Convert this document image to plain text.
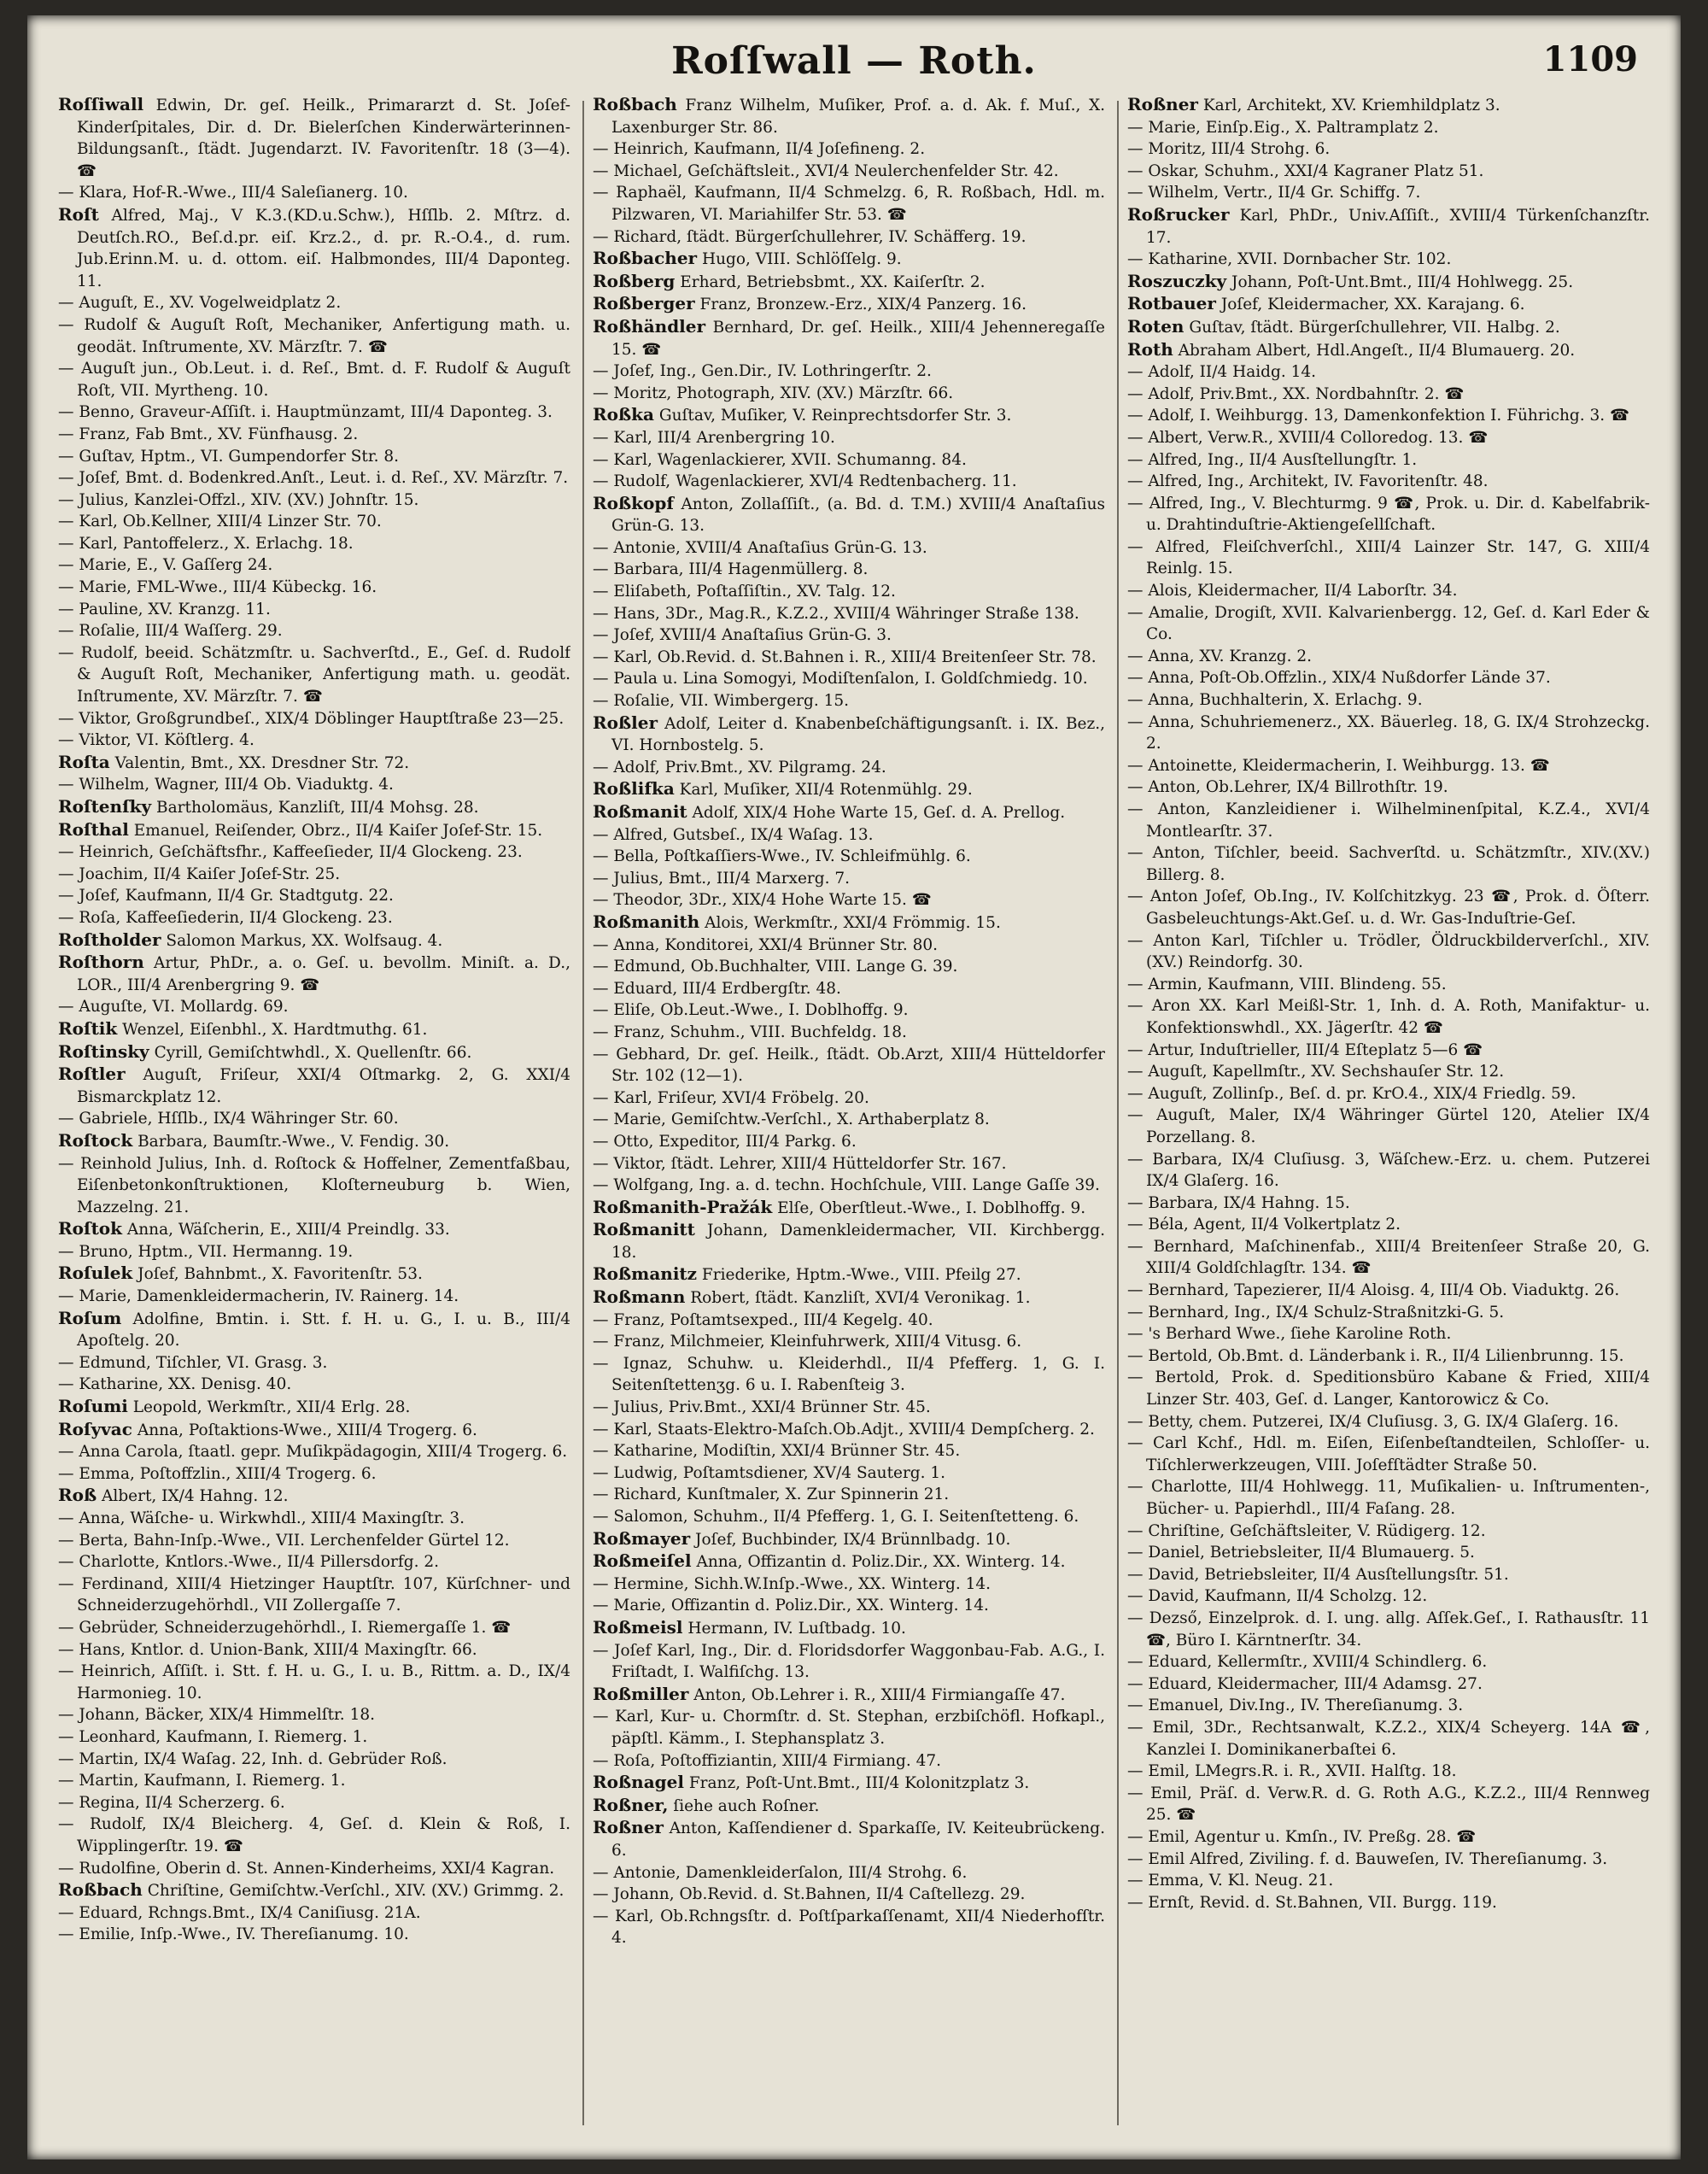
Roſſwall — Roth.	1109

Roſſiwall Edwin, Dr. geſ. Heilk., Primararzt d. St. Joſef-Kinderſpitales, Dir. d. Dr. Bielerſchen Kinderwärterinnen-Bildungsanſt., ſtädt. Jugendarzt. IV. Favoritenſtr. 18 (3—4). ☎

— Klara, Hof-R.-Wwe., III/4 Saleſianerg. 10.

Roſt Alfred, Maj., V K.3.(KD.u.Schw.), Hſſlb. 2. Mſtrz. d. Deutſch.RO., Beſ.d.pr. eiſ. Krz.2., d. pr. R.-O.4., d. rum. Jub.Erinn.M. u. d. ottom. eiſ. Halbmondes, III/4 Daponteg. 11.

— Auguſt, E., XV. Vogelweidplatz 2.

— Rudolf & Auguſt Roſt, Mechaniker, Anfertigung math. u. geodät. Inſtrumente, XV. Märzſtr. 7. ☎

— Auguſt jun., Ob.Leut. i. d. Reſ., Bmt. d. F. Rudolf & Auguſt Roſt, VII. Myrtheng. 10.

— Benno, Graveur-Aſſiſt. i. Hauptmünzamt, III/4 Daponteg. 3.

— Franz, Fab Bmt., XV. Fünfhausg. 2.

— Guſtav, Hptm., VI. Gumpendorfer Str. 8.

— Joſef, Bmt. d. Bodenkred.Anſt., Leut. i. d. Reſ., XV. Märzſtr. 7.

— Julius, Kanzlei-Offzl., XIV. (XV.) Johnſtr. 15.

— Karl, Ob.Kellner, XIII/4 Linzer Str. 70.

— Karl, Pantoffelerz., X. Erlachg. 18.

— Marie, E., V. Gaſſerg 24.

— Marie, FML-Wwe., III/4 Kübeckg. 16.

— Pauline, XV. Kranzg. 11.

— Roſalie, III/4 Waſſerg. 29.

— Rudolf, beeid. Schätzmſtr. u. Sachverſtd., E., Geſ. d. Rudolf & Auguſt Roſt, Mechaniker, Anfertigung math. u. geodät. Inſtrumente, XV. Märzſtr. 7. ☎

— Viktor, Großgrundbeſ., XIX/4 Döblinger Hauptſtraße 23—25.

— Viktor, VI. Köſtlerg. 4.

Roſta Valentin, Bmt., XX. Dresdner Str. 72.

— Wilhelm, Wagner, III/4 Ob. Viaduktg. 4.

Roſtenſky Bartholomäus, Kanzliſt, III/4 Mohsg. 28.

Roſthal Emanuel, Reiſender, Obrz., II/4 Kaiſer Joſef-Str. 15.

— Heinrich, Geſchäftsfhr., Kaffeeſieder, II/4 Glockeng. 23.

— Joachim, II/4 Kaiſer Joſef-Str. 25.

— Joſef, Kaufmann, II/4 Gr. Stadtgutg. 22.

— Roſa, Kaffeeſiederin, II/4 Glockeng. 23.

Roſtholder Salomon Markus, XX. Wolfsaug. 4.

Roſthorn Artur, PhDr., a. o. Geſ. u. bevollm. Miniſt. a. D., LOR., III/4 Arenbergring 9. ☎

— Auguſte, VI. Mollardg. 69.

Roſtik Wenzel, Eiſenbhl., X. Hardtmuthg. 61.

Roſtinsky Cyrill, Gemiſchtwhdl., X. Quellenſtr. 66.

Roſtler Auguſt, Friſeur, XXI/4 Oſtmarkg. 2, G. XXI/4 Bismarckplatz 12.

— Gabriele, Hſſlb., IX/4 Währinger Str. 60.

Roſtock Barbara, Baumſtr.-Wwe., V. Fendig. 30.

— Reinhold Julius, Inh. d. Roſtock & Hoffelner, Zementfaßbau, Eiſenbetonkonſtruktionen, Kloſterneuburg b. Wien, Mazzelng. 21.

Roſtok Anna, Wäſcherin, E., XIII/4 Preindlg. 33.

— Bruno, Hptm., VII. Hermanng. 19.

Roſulek Joſef, Bahnbmt., X. Favoritenſtr. 53.

— Marie, Damenkleidermacherin, IV. Rainerg. 14.

Roſum Adolfine, Bmtin. i. Stt. f. H. u. G., I. u. B., III/4 Apoſtelg. 20.

— Edmund, Tiſchler, VI. Grasg. 3.

— Katharine, XX. Denisg. 40.

Roſumi Leopold, Werkmſtr., XII/4 Erlg. 28.

Roſyvac Anna, Poſtaktions-Wwe., XIII/4 Trogerg. 6.

— Anna Carola, ſtaatl. gepr. Muſikpädagogin, XIII/4 Trogerg. 6.

— Emma, Poſtoffzlin., XIII/4 Trogerg. 6.

Roß Albert, IX/4 Hahng. 12.

— Anna, Wäſche- u. Wirkwhdl., XIII/4 Maxingſtr. 3.

— Berta, Bahn-Inſp.-Wwe., VII. Lerchenfelder Gürtel 12.

— Charlotte, Kntlors.-Wwe., II/4 Pillersdorfg. 2.

— Ferdinand, XIII/4 Hietzinger Hauptſtr. 107, Kürſchner- und Schneiderzugehörhdl., VII Zollergaſſe 7.

— Gebrüder, Schneiderzugehörhdl., I. Riemergaſſe 1. ☎

— Hans, Kntlor. d. Union-Bank, XIII/4 Maxingſtr. 66.

— Heinrich, Aſſiſt. i. Stt. f. H. u. G., I. u. B., Rittm. a. D., IX/4 Harmonieg. 10.

— Johann, Bäcker, XIX/4 Himmelſtr. 18.

— Leonhard, Kaufmann, I. Riemerg. 1.

— Martin, IX/4 Waſag. 22, Inh. d. Gebrüder Roß.

— Martin, Kaufmann, I. Riemerg. 1.

— Regina, II/4 Scherzerg. 6.

— Rudolf, IX/4 Bleicherg. 4, Geſ. d. Klein & Roß, I. Wipplingerſtr. 19. ☎

— Rudolfine, Oberin d. St. Annen-Kinderheims, XXI/4 Kagran.

Roßbach Chriſtine, Gemiſchtw.-Verſchl., XIV. (XV.) Grimmg. 2.

— Eduard, Rchngs.Bmt., IX/4 Caniſiusg. 21A.

— Emilie, Inſp.-Wwe., IV. Thereſianumg. 10.

Roßbach Franz Wilhelm, Muſiker, Prof. a. d. Ak. f. Muſ., X. Laxenburger Str. 86.

— Heinrich, Kaufmann, II/4 Joſefineng. 2.

— Michael, Geſchäftsleit., XVI/4 Neulerchenfelder Str. 42.

— Raphaël, Kaufmann, II/4 Schmelzg. 6, R. Roßbach, Hdl. m. Pilzwaren, VI. Mariahilfer Str. 53. ☎

— Richard, ſtädt. Bürgerſchullehrer, IV. Schäfferg. 19.

Roßbacher Hugo, VIII. Schlöſſelg. 9.

Roßberg Erhard, Betriebsbmt., XX. Kaiſerſtr. 2.

Roßberger Franz, Bronzew.-Erz., XIX/4 Panzerg. 16.

Roßhändler Bernhard, Dr. geſ. Heilk., XIII/4 Jehenneregaſſe 15. ☎

— Joſef, Ing., Gen.Dir., IV. Lothringerſtr. 2.

— Moritz, Photograph, XIV. (XV.) Märzſtr. 66.

Roßka Guſtav, Muſiker, V. Reinprechtsdorfer Str. 3.

— Karl, III/4 Arenbergring 10.

— Karl, Wagenlackierer, XVII. Schumanng. 84.

— Rudolf, Wagenlackierer, XVI/4 Redtenbacherg. 11.

Roßkopf Anton, Zollaſſiſt., (a. Bd. d. T.M.) XVIII/4 Anaſtaſius Grün-G. 13.

— Antonie, XVIII/4 Anaſtaſius Grün-G. 13.

— Barbara, III/4 Hagenmüllerg. 8.

— Eliſabeth, Poſtaſſiſtin., XV. Talg. 12.

— Hans, 3Dr., Mag.R., K.Z.2., XVIII/4 Währinger Straße 138.

— Joſef, XVIII/4 Anaſtaſius Grün-G. 3.

— Karl, Ob.Revid. d. St.Bahnen i. R., XIII/4 Breitenſeer Str. 78.

— Paula u. Lina Somogyi, Modiſtenſalon, I. Goldſchmiedg. 10.

— Roſalie, VII. Wimbergerg. 15.

Roßler Adolf, Leiter d. Knabenbeſchäftigungsanſt. i. IX. Bez., VI. Hornbostelg. 5.

— Adolf, Priv.Bmt., XV. Pilgramg. 24.

Roßlifka Karl, Muſiker, XII/4 Rotenmühlg. 29.

Roßmanit Adolf, XIX/4 Hohe Warte 15, Geſ. d. A. Prellog.

— Alfred, Gutsbeſ., IX/4 Waſag. 13.

— Bella, Poſtkaſſiers-Wwe., IV. Schleifmühlg. 6.

— Julius, Bmt., III/4 Marxerg. 7.

— Theodor, 3Dr., XIX/4 Hohe Warte 15. ☎

Roßmanith Alois, Werkmſtr., XXI/4 Frömmig. 15.

— Anna, Konditorei, XXI/4 Brünner Str. 80.

— Edmund, Ob.Buchhalter, VIII. Lange G. 39.

— Eduard, III/4 Erdbergſtr. 48.

— Eliſe, Ob.Leut.-Wwe., I. Doblhoffg. 9.

— Franz, Schuhm., VIII. Buchfeldg. 18.

— Gebhard, Dr. geſ. Heilk., ſtädt. Ob.Arzt, XIII/4 Hütteldorfer Str. 102 (12—1).

— Karl, Friſeur, XVI/4 Fröbelg. 20.

— Marie, Gemiſchtw.-Verſchl., X. Arthaberplatz 8.

— Otto, Expeditor, III/4 Parkg. 6.

— Viktor, ſtädt. Lehrer, XIII/4 Hütteldorfer Str. 167.

— Wolfgang, Ing. a. d. techn. Hochſchule, VIII. Lange Gaſſe 39.

Roßmanith-Pražák Elſe, Oberſtleut.-Wwe., I. Doblhoffg. 9.

Roßmanitt Johann, Damenkleidermacher, VII. Kirchbergg. 18.

Roßmanitz Friederike, Hptm.-Wwe., VIII. Pfeilg 27.

Roßmann Robert, ſtädt. Kanzliſt, XVI/4 Veronikag. 1.

— Franz, Poſtamtsexped., III/4 Kegelg. 40.

— Franz, Milchmeier, Kleinfuhrwerk, XIII/4 Vitusg. 6.

— Ignaz, Schuhw. u. Kleiderhdl., II/4 Pfefferg. 1, G. I. Seitenſtettenʒg. 6 u. I. Rabenſteig 3.

— Julius, Priv.Bmt., XXI/4 Brünner Str. 45.

— Karl, Staats-Elektro-Maſch.Ob.Adjt., XVIII/4 Dempſcherg. 2.

— Katharine, Modiſtin, XXI/4 Brünner Str. 45.

— Ludwig, Poſtamtsdiener, XV/4 Sauterg. 1.

— Richard, Kunſtmaler, X. Zur Spinnerin 21.

— Salomon, Schuhm., II/4 Pfefferg. 1, G. I. Seitenſtetteng. 6.

Roßmayer Joſef, Buchbinder, IX/4 Brünnlbadg. 10.

Roßmeiſel Anna, Offizantin d. Poliz.Dir., XX. Winterg. 14.

— Hermine, Sichh.W.Inſp.-Wwe., XX. Winterg. 14.

— Marie, Offizantin d. Poliz.Dir., XX. Winterg. 14.

Roßmeisl Hermann, IV. Luſtbadg. 10.

— Joſef Karl, Ing., Dir. d. Floridsdorfer Waggonbau-Fab. A.G., I. Friſtadt, I. Walfiſchg. 13.

Roßmiller Anton, Ob.Lehrer i. R., XIII/4 Firmiangaſſe 47.

— Karl, Kur- u. Chormſtr. d. St. Stephan, erzbiſchöfl. Hofkapl., päpſtl. Kämm., I. Stephansplatz 3.

— Roſa, Poſtoffiziantin, XIII/4 Firmiang. 47.

Roßnagel Franz, Poſt-Unt.Bmt., III/4 Kolonitzplatz 3.

Roßner, ſiehe auch Roſner.

Roßner Anton, Kaſſendiener d. Sparkaſſe, IV. Keiteubrückeng. 6.

— Antonie, Damenkleiderſalon, III/4 Strohg. 6.

— Johann, Ob.Revid. d. St.Bahnen, II/4 Caſtellezg. 29.

— Karl, Ob.Rchngsſtr. d. Poſtſparkaſſenamt, XII/4 Niederhofſtr. 4.

Roßner Karl, Architekt, XV. Kriemhildplatz 3.

— Marie, Einſp.Eig., X. Paltramplatz 2.

— Moritz, III/4 Strohg. 6.

— Oskar, Schuhm., XXI/4 Kagraner Platz 51.

— Wilhelm, Vertr., II/4 Gr. Schiffg. 7.

Roßrucker Karl, PhDr., Univ.Aſſiſt., XVIII/4 Türkenſchanzſtr. 17.

— Katharine, XVII. Dornbacher Str. 102.

Roszuczky Johann, Poſt-Unt.Bmt., III/4 Hohlwegg. 25.

Rotbauer Joſef, Kleidermacher, XX. Karajang. 6.

Roten Guſtav, ſtädt. Bürgerſchullehrer, VII. Halbg. 2.

Roth Abraham Albert, Hdl.Angeſt., II/4 Blumauerg. 20.

— Adolf, II/4 Haidg. 14.

— Adolf, Priv.Bmt., XX. Nordbahnſtr. 2. ☎

— Adolf, I. Weihburgg. 13, Damenkonfektion I. Führichg. 3. ☎

— Albert, Verw.R., XVIII/4 Colloredog. 13. ☎

— Alfred, Ing., II/4 Ausſtellungſtr. 1.

— Alfred, Ing., Architekt, IV. Favoritenſtr. 48.

— Alfred, Ing., V. Blechturmg. 9 ☎, Prok. u. Dir. d. Kabelfabrik- u. Drahtinduſtrie-Aktiengeſellſchaft.

— Alfred, Fleiſchverſchl., XIII/4 Lainzer Str. 147, G. XIII/4 Reinlg. 15.

— Alois, Kleidermacher, II/4 Laborſtr. 34.

— Amalie, Drogiſt, XVII. Kalvarienbergg. 12, Geſ. d. Karl Eder & Co.

— Anna, XV. Kranzg. 2.

— Anna, Poſt-Ob.Offzlin., XIX/4 Nußdorfer Lände 37.

— Anna, Buchhalterin, X. Erlachg. 9.

— Anna, Schuhriemenerz., XX. Bäuerleg. 18, G. IX/4 Strohzeckg. 2.

— Antoinette, Kleidermacherin, I. Weihburgg. 13. ☎

— Anton, Ob.Lehrer, IX/4 Billrothſtr. 19.

— Anton, Kanzleidiener i. Wilhelminenſpital, K.Z.4., XVI/4 Montlearſtr. 37.

— Anton, Tiſchler, beeid. Sachverſtd. u. Schätzmſtr., XIV.(XV.) Billerg. 8.

— Anton Joſef, Ob.Ing., IV. Kolſchitzkyg. 23 ☎, Prok. d. Öſterr. Gasbeleuchtungs-Akt.Geſ. u. d. Wr. Gas-Induſtrie-Geſ.

— Anton Karl, Tiſchler u. Trödler, Öldruckbilderverſchl., XIV. (XV.) Reindorfg. 30.

— Armin, Kaufmann, VIII. Blindeng. 55.

— Aron XX. Karl Meißl-Str. 1, Inh. d. A. Roth, Manifaktur- u. Konfektionswhdl., XX. Jägerſtr. 42 ☎

— Artur, Induſtrieller, III/4 Eſteplatz 5—6 ☎

— Auguſt, Kapellmſtr., XV. Sechshauſer Str. 12.

— Auguſt, Zollinſp., Beſ. d. pr. KrO.4., XIX/4 Friedlg. 59.

— Auguſt, Maler, IX/4 Währinger Gürtel 120, Atelier IX/4 Porzellang. 8.

— Barbara, IX/4 Cluſiusg. 3, Wäſchew.-Erz. u. chem. Putzerei IX/4 Glaſerg. 16.

— Barbara, IX/4 Hahng. 15.

— Béla, Agent, II/4 Volkertplatz 2.

— Bernhard, Maſchinenfab., XIII/4 Breitenſeer Straße 20, G. XIII/4 Goldſchlagſtr. 134. ☎

— Bernhard, Tapezierer, II/4 Aloisg. 4, III/4 Ob. Viaduktg. 26.

— Bernhard, Ing., IX/4 Schulz-Straßnitzki-G. 5.

— 's Berhard Wwe., ſiehe Karoline Roth.

— Bertold, Ob.Bmt. d. Länderbank i. R., II/4 Lilienbrunng. 15.

— Bertold, Prok. d. Speditionsbüro Kabane & Fried, XIII/4 Linzer Str. 403, Geſ. d. Langer, Kantorowicz & Co.

— Betty, chem. Putzerei, IX/4 Cluſiusg. 3, G. IX/4 Glaſerg. 16.

— Carl Kchf., Hdl. m. Eiſen, Eiſenbeſtandteilen, Schloſſer- u. Tiſchlerwerkzeugen, VIII. Joſefſtädter Straße 50.

— Charlotte, III/4 Hohlwegg. 11, Muſikalien- u. Inſtrumenten-, Bücher- u. Papierhdl., III/4 Faſang. 28.

— Chriſtine, Geſchäftsleiter, V. Rüdigerg. 12.

— Daniel, Betriebsleiter, II/4 Blumauerg. 5.

— David, Betriebsleiter, II/4 Ausſtellungsſtr. 51.

— David, Kaufmann, II/4 Scholzg. 12.

— Dezső, Einzelprok. d. I. ung. allg. Aſſek.Geſ., I. Rathausſtr. 11 ☎, Büro I. Kärntnerſtr. 34.

— Eduard, Kellermſtr., XVIII/4 Schindlerg. 6.

— Eduard, Kleidermacher, III/4 Adamsg. 27.

— Emanuel, Div.Ing., IV. Thereſianumg. 3.

— Emil, 3Dr., Rechtsanwalt, K.Z.2., XIX/4 Scheyerg. 14A ☎, Kanzlei I. Dominikanerbaſtei 6.

— Emil, LMegrs.R. i. R., XVII. Halſtg. 18.

— Emil, Präſ. d. Verw.R. d. G. Roth A.G., K.Z.2., III/4 Rennweg 25. ☎

— Emil, Agentur u. Kmſn., IV. Preßg. 28. ☎

— Emil Alfred, Ziviling. f. d. Bauweſen, IV. Thereſianumg. 3.

— Emma, V. Kl. Neug. 21.

— Ernſt, Revid. d. St.Bahnen, VII. Burgg. 119.
